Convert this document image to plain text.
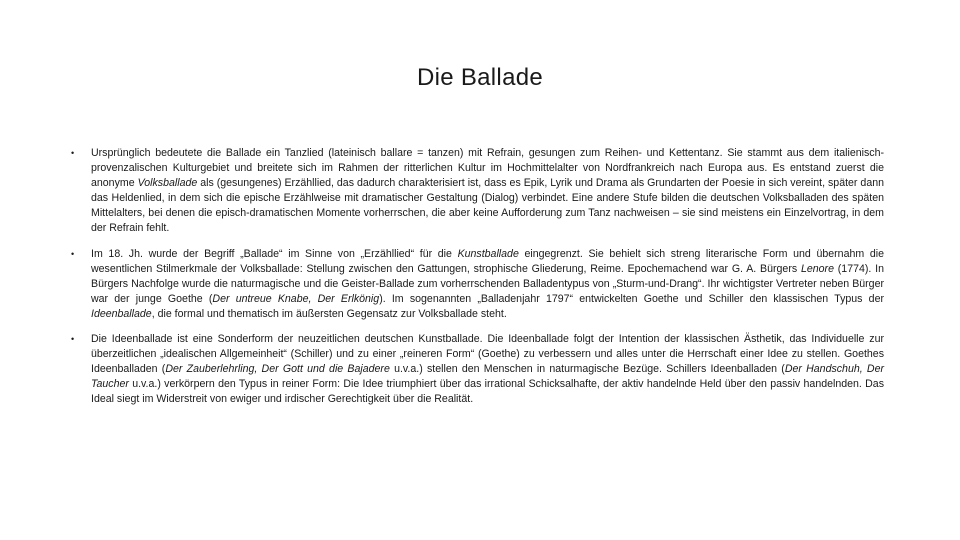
Die Ballade
• Ursprünglich bedeutete die Ballade ein Tanzlied (lateinisch ballare = tanzen) mit Refrain, gesungen zum Reihen- und Kettentanz. Sie stammt aus dem italienisch-provenzalischen Kulturgebiet und breitete sich im Rahmen der ritterlichen Kultur im Hochmittelalter von Nordfrankreich nach Europa aus. Es entstand zuerst die anonyme Volksballade als (gesungenes) Erzähllied, das dadurch charakterisiert ist, dass es Epik, Lyrik und Drama als Grundarten der Poesie in sich vereint, später dann das Heldenlied, in dem sich die epische Erzählweise mit dramatischer Gestaltung (Dialog) verbindet. Eine andere Stufe bilden die deutschen Volksballaden des späten Mittelalters, bei denen die episch-dramatischen Momente vorherrschen, die aber keine Aufforderung zum Tanz nachweisen – sie sind meistens ein Einzelvortrag, in dem der Refrain fehlt.
• Im 18. Jh. wurde der Begriff „Ballade“ im Sinne von „Erzähllied“ für die Kunstballade eingegrenzt. Sie behielt sich streng literarische Form und übernahm die wesentlichen Stilmerkmale der Volksballade: Stellung zwischen den Gattungen, strophische Gliederung, Reime. Epochemachend war G. A. Bürgers Lenore (1774). In Bürgers Nachfolge wurde die naturmagische und die Geister-Ballade zum vorherrschenden Balladentypus von „Sturm-und-Drang“. Ihr wichtigster Vertreter neben Bürger war der junge Goethe (Der untreue Knabe, Der Erlkönig). Im sogenannten „Balladenjahr 1797“ entwickelten Goethe und Schiller den klassischen Typus der Ideenballade, die formal und thematisch im äußersten Gegensatz zur Volksballade steht.
• Die Ideenballade ist eine Sonderform der neuzeitlichen deutschen Kunstballade. Die Ideenballade folgt der Intention der klassischen Ästhetik, das Individuelle zur überzeitlichen „idealischen Allgemeinheit“ (Schiller) und zu einer „reineren Form“ (Goethe) zu verbessern und alles unter die Herrschaft einer Idee zu stellen. Goethes Ideenballaden (Der Zauberlehrling, Der Gott und die Bajadere u.v.a.) stellen den Menschen in naturmagische Bezüge. Schillers Ideenballaden (Der Handschuh, Der Taucher u.v.a.) verkörpern den Typus in reiner Form: Die Idee triumphiert über das irrational Schicksalhafte, der aktiv handelnde Held über den passiv handelnden. Das Ideal siegt im Widerstreit von ewiger und irdischer Gerechtigkeit über die Realität.
